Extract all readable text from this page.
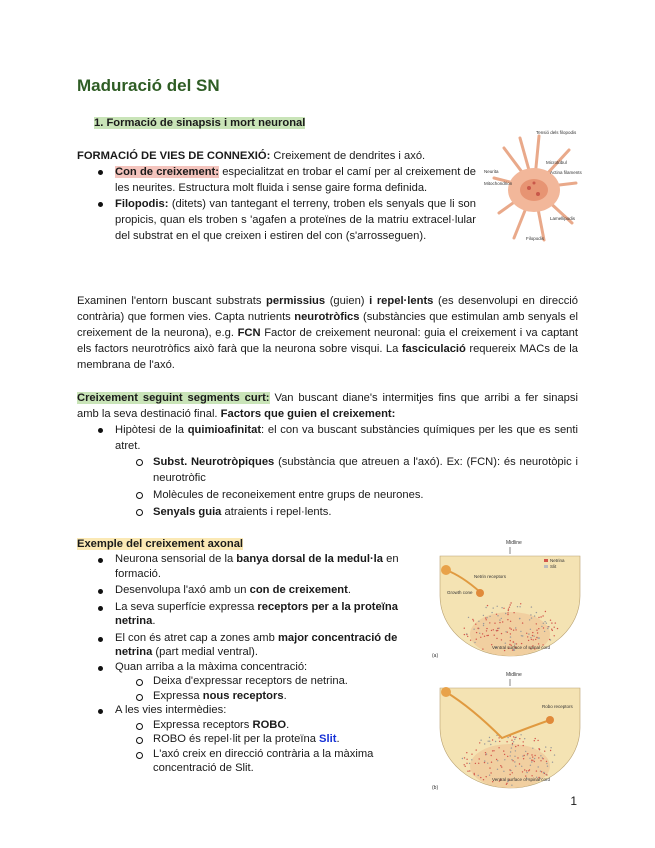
Maduració del SN
1. Formació de sinapsis i mort neuronal
FORMACIÓ DE VIES DE CONNEXIÓ: Creixement de dendrites i axó.
Con de creixement: especialitzat en trobar el camí per al creixement de les neurites. Estructura molt fluida i sense gaire forma definida.
Filopodis: (ditets) van tantegant el terreny, troben els senyals que li son propicis, quan els troben s 'agafen a proteïnes de la matriu extracel·lular del substrat en el que creixen i estiren del con (s'arrosseguen).
Tensió dels filopodis
Microtúbul
Actina filaments
Neurita
Mitochondrion
Lamellipodis
Filopodis
Examinen l'entorn buscant substrats permissius (guien) i repel·lents (es desenvolupi en direcció contrària) que formen vies. Capta nutrients neurotròfics (substàncies que estimulan amb senyals el creixement de la neurona), e.g. FCN Factor de creixement neuronal: guia el creixement i va captant els factors neurotròfics això farà que la neurona sobre visqui. La fasciculació requereix MACs de la membrana de l'axó.
Creixement seguint segments curt: Van buscant diane's intermitjes fins que arribi a fer sinapsi amb la seva destinació final. Factors que guien el creixement:
Hipòtesi de la quimioafinitat: el con va buscant substàncies químiques per les que es senti atret.
Subst. Neurotròpiques (substància que atreuen a l'axó). Ex: (FCN): és neurotòpic i neurotròfic
Molècules de reconeixement entre grups de neurones.
Senyals guia atraients i repel·lents.
Exemple del creixement axonal
Neurona sensorial de la banya dorsal de la medul·la en formació.
Desenvolupa l'axó amb un con de creixement.
La seva superfície expressa receptors per a la proteïna netrina.
El con és atret cap a zones amb major concentració de netrina (part medial ventral).
Quan arriba a la màxima concentració:
Deixa d'expressar receptors de netrina.
Expressa nous receptors.
A les vies intermèdies:
Expressa receptors ROBO.
ROBO és repel·lit per la proteïna Slit.
L'axó creix en direcció contrària a la màxima concentració de Slit.
Midline
Netrina
Slit
Netrin receptors
Growth cone
Ventral surface of spinal cord
(a)
Midline
Robo receptors
Ventral surface of spinal cord
(b)
1
